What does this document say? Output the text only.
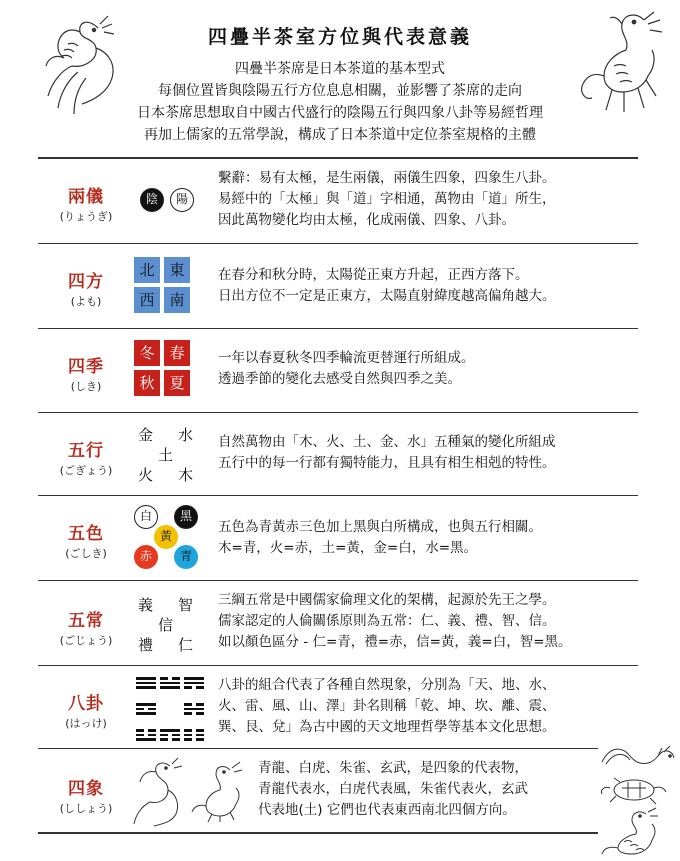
四疊半茶室方位與代表意義
四疊半茶席是日本茶道的基本型式
每個位置皆與陰陽五行方位息息相關，並影響了茶席的走向
日本茶席思想取自中國古代盛行的陰陽五行與四象八卦等易經哲理
再加上儒家的五常學說，構成了日本茶道中定位茶室規格的主體
兩儀
(りょうぎ)
陰	陽
繫辭：易有太極，是生兩儀，兩儀生四象，四象生八卦。
易經中的「太極」與「道」字相通，萬物由「道」所生，
因此萬物變化均由太極，化成兩儀、四象、八卦。
四方
(よも)
北 東
西 南
在春分和秋分時，太陽從正東方升起，正西方落下。
日出方位不一定是正東方，太陽直射緯度越高偏角越大。
四季
(しき)
冬 春
秋 夏
一年以春夏秋冬四季輪流更替運行所組成。
透過季節的變化去感受自然與四季之美。
五行
(ごぎょう)
金 水
土
火 木
自然萬物由「木、火、土、金、水」五種氣的變化所組成
五行中的每一行都有獨特能力，且具有相生相剋的特性。
五色
(ごしき)
白	黑
黃
赤	青
五色為青黃赤三色加上黑與白所構成，也與五行相關。
木=青，火=赤，土=黃，金=白，水=黑。
五常
(ごじょう)
義 智
信
禮 仁
三綱五常是中國儒家倫理文化的架構，起源於先王之學。
儒家認定的人倫關係原則為五常：仁、義、禮、智、信。
如以顏色區分 - 仁=青，禮=赤，信=黃，義=白，智=黑。
八卦
(はっけ)
八卦的組合代表了各種自然現象，分別為「天、地、水、
火、雷、風、山、澤」卦名則稱「乾、坤、坎、離、震、
巽、艮、兌」為古中國的天文地理哲學等基本文化思想。
四象
(ししょう)
青龍、白虎、朱雀、玄武，是四象的代表物，
青龍代表水，白虎代表風，朱雀代表火，玄武
代表地(土) 它們也代表東西南北四個方向。
